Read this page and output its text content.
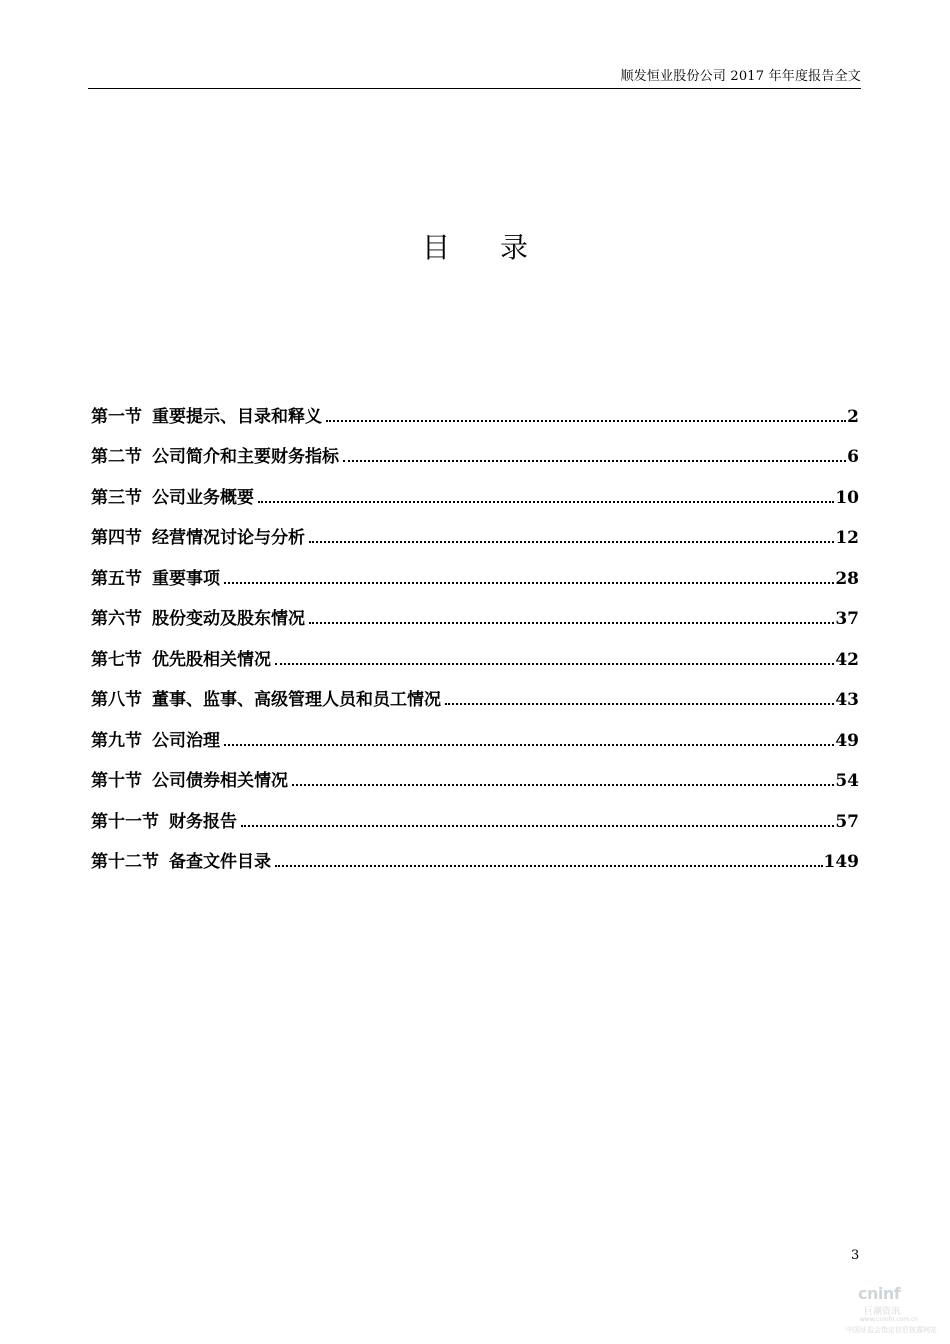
顺发恒业股份公司 2017 年年度报告全文
目录
第一节 重要提示、目录和释义	2
第二节 公司简介和主要财务指标	6
第三节 公司业务概要	10
第四节 经营情况讨论与分析	12
第五节 重要事项	28
第六节 股份变动及股东情况	37
第七节 优先股相关情况	42
第八节 董事、监事、高级管理人员和员工情况	43
第九节 公司治理	49
第十节 公司债券相关情况	54
第十一节 财务报告	57
第十二节 备查文件目录	149
3
cninf
巨潮资讯
www.cninfo.com.cn
中国证监会指定信息披露网站
